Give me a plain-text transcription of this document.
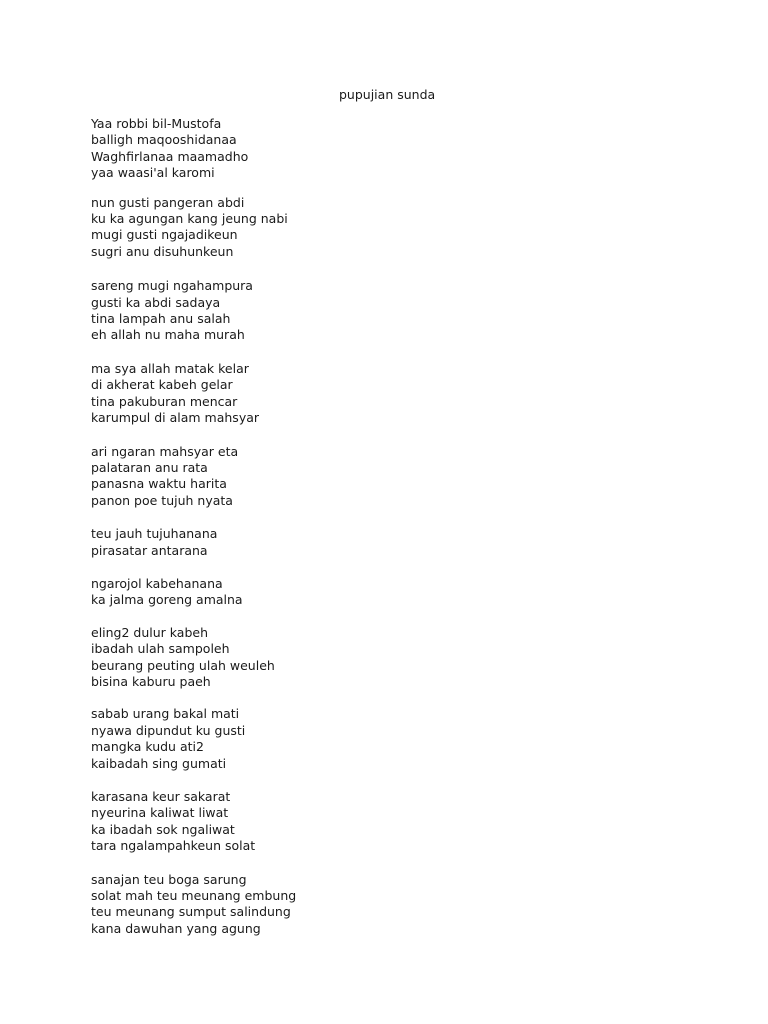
pupujian sunda
Yaa robbi bil-Mustofa
balligh maqooshidanaa
Waghfirlanaa maamadho
yaa waasi'al karomi
nun gusti pangeran abdi
ku ka agungan kang jeung nabi
mugi gusti ngajadikeun
sugri anu disuhunkeun
sareng mugi ngahampura
gusti ka abdi sadaya
tina lampah anu salah
eh allah nu maha murah
ma sya allah matak kelar
di akherat kabeh gelar
tina pakuburan mencar
karumpul di alam mahsyar
ari ngaran mahsyar eta
palataran anu rata
panasna waktu harita
panon poe tujuh nyata
teu jauh tujuhanana
pirasatar antarana
ngarojol kabehanana
ka jalma goreng amalna
eling2 dulur kabeh
ibadah ulah sampoleh
beurang peuting ulah weuleh
bisina kaburu paeh
sabab urang bakal mati
nyawa dipundut ku gusti
mangka kudu ati2
kaibadah sing gumati
karasana keur sakarat
nyeurina kaliwat liwat
ka ibadah sok ngaliwat
tara ngalampahkeun solat
sanajan teu boga sarung
solat mah teu meunang embung
teu meunang sumput salindung
kana dawuhan yang agung
